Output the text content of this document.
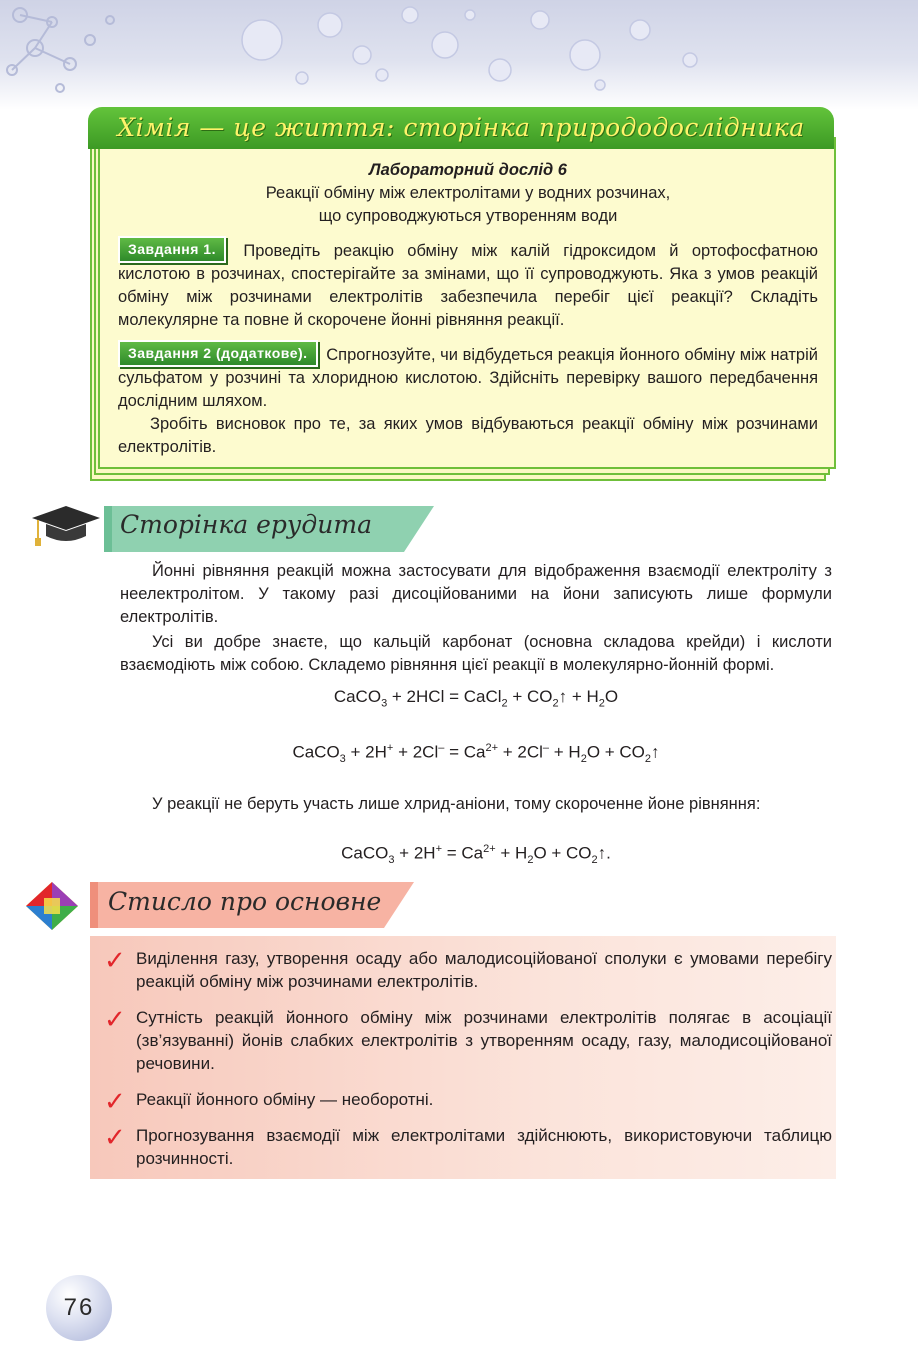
Хімія — це життя: сторінка природодослідника
Лабораторний дослід 6
Реакції обміну між електролітами у водних розчинах,
що супроводжуються утворенням води
Завдання 1. Проведіть реакцію обміну між калій гідроксидом й ортофосфатною кислотою в розчинах, спостерігайте за змінами, що її супроводжують. Яка з умов реакцій обміну між розчинами електролітів забезпечила перебіг цієї реакції? Складіть молекулярне та повне й скорочене йонні рівняння реакції.
Завдання 2 (додаткове). Спрогнозуйте, чи відбудеться реакція йонного обміну між натрій сульфатом у розчині та хлоридною кислотою. Здійсніть перевірку вашого передбачення дослідним шляхом.
Зробіть висновок про те, за яких умов відбуваються реакції обміну між розчинами електролітів.
Сторінка ерудита
Йонні рівняння реакцій можна застосувати для відображення взаємодії електроліту з неелектролітом. У такому разі дисоційованими на йони записують лише формули електролітів.
Усі ви добре знаєте, що кальцій карбонат (основна складова крейди) і кислоти взаємодіють між собою. Складемо рівняння цієї реакції в молекулярно-йонній формі.
CaCO$_3$ + 2HCl = CaCl$_2$ + $CO_2↑ + H_2O$
CaCO$_3$ + $2H^+ + 2Cl^- = Ca^{2+} + 2Cl^- + H_2O$ + $CO_2↑$
У реакції не беруть участь лише хлрид-аніони, тому скороченне йоне рівняння:
CaCO$_3$ + $2H^+ = Ca^{2+} + H_2O$ + $CO_2↑$.
Стисло про основне
✓ Виділення газу, утворення осаду або малодисоційованої сполуки є умовами перебігу реакцій обміну між розчинами електролітів.
✓ Сутність реакцій йонного обміну між розчинами електролітів полягає в асоціації (зв’язуванні) йонів слабких електролітів з утворенням осаду, газу, малодисоційованої речовини.
✓ Реакції йонного обміну — необоротні.
✓ Прогнозування взаємодії між електролітами здійснюють, використовуючи таблицю розчинності.
76
